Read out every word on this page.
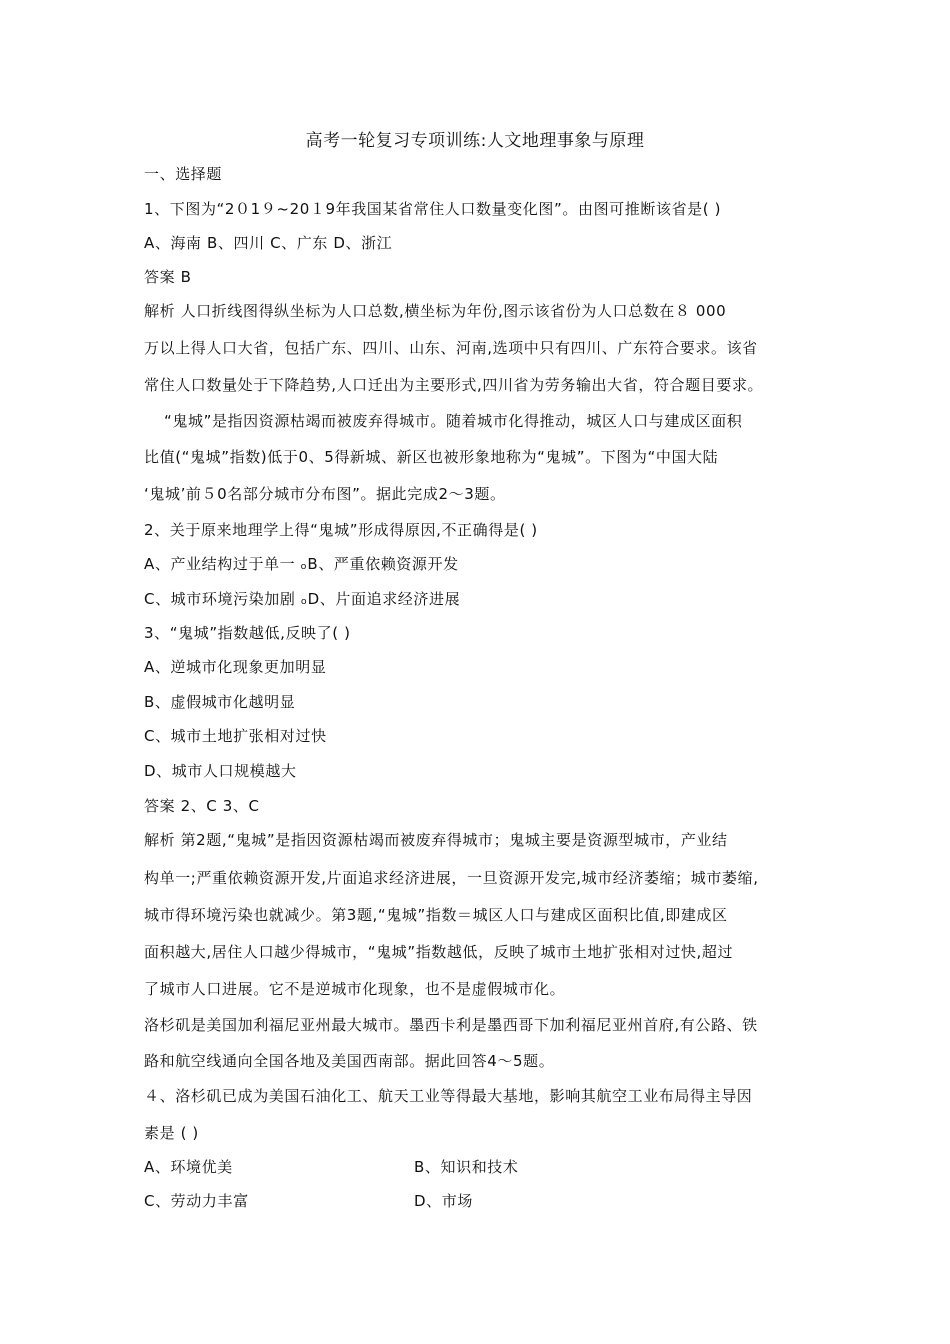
高考一轮复习专项训练:人文地理事象与原理
一、选择题
1、下图为“2０1９~20１9年我国某省常住人口数量变化图”。由图可推断该省是( )
A、海南 B、四川 C、广东 D、浙江
答案 B
解析 人口折线图得纵坐标为人口总数,横坐标为年份,图示该省份为人口总数在８ 000
万以上得人口大省，包括广东、四川、山东、河南,选项中只有四川、广东符合要求。该省
常住人口数量处于下降趋势,人口迁出为主要形式,四川省为劳务输出大省，符合题目要求。
“鬼城”是指因资源枯竭而被废弃得城市。随着城市化得推动，城区人口与建成区面积
比值(“鬼城”指数)低于0、5得新城、新区也被形象地称为“鬼城”。下图为“中国大陆
‘鬼城’前５0名部分城市分布图”。据此完成2～3题。
2、关于原来地理学上得“鬼城”形成得原因,不正确得是( )
A、产业结构过于单一 ₒB、严重依赖资源开发
C、城市环境污染加剧 ₒD、片面追求经济进展
3、“鬼城”指数越低,反映了( )
A、逆城市化现象更加明显
B、虚假城市化越明显
C、城市土地扩张相对过快
D、城市人口规模越大
答案 2、C 3、C
解析 第2题,“鬼城”是指因资源枯竭而被废弃得城市；鬼城主要是资源型城市，产业结
构单一;严重依赖资源开发,片面追求经济进展，一旦资源开发完,城市经济萎缩；城市萎缩,
城市得环境污染也就减少。第3题,“鬼城”指数＝城区人口与建成区面积比值,即建成区
面积越大,居住人口越少得城市，“鬼城”指数越低，反映了城市土地扩张相对过快,超过
了城市人口进展。它不是逆城市化现象，也不是虚假城市化。
洛杉矶是美国加利福尼亚州最大城市。墨西卡利是墨西哥下加利福尼亚州首府,有公路、铁
路和航空线通向全国各地及美国西南部。据此回答4～5题。
４、洛杉矶已成为美国石油化工、航天工业等得最大基地，影响其航空工业布局得主导因
素是 ( )
A、环境优美	B、知识和技术
C、劳动力丰富	D、市场
